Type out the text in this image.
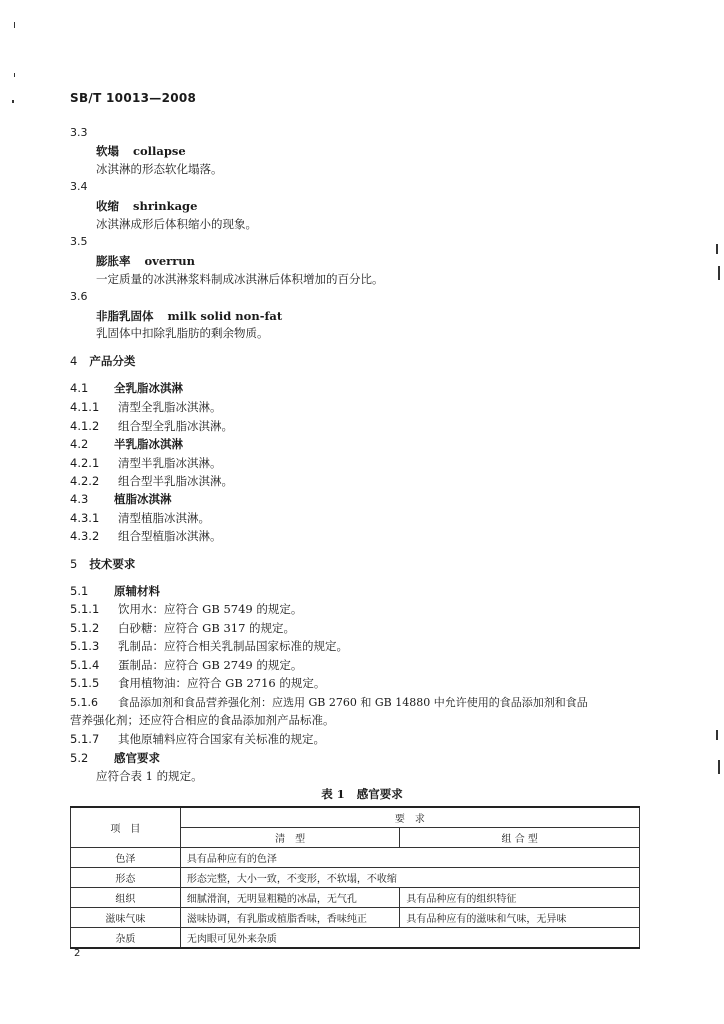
SB/T 10013—2008
3.3
软塌 collapse
冰淇淋的形态软化塌落。
3.4
收缩 shrinkage
冰淇淋成形后体积缩小的现象。
3.5
膨胀率 overrun
一定质量的冰淇淋浆料制成冰淇淋后体积增加的百分比。
3.6
非脂乳固体 milk solid non-fat
乳固体中扣除乳脂肪的剩余物质。
4 产品分类
4.1 全乳脂冰淇淋
4.1.1 清型全乳脂冰淇淋。
4.1.2 组合型全乳脂冰淇淋。
4.2 半乳脂冰淇淋
4.2.1 清型半乳脂冰淇淋。
4.2.2 组合型半乳脂冰淇淋。
4.3 植脂冰淇淋
4.3.1 清型植脂冰淇淋。
4.3.2 组合型植脂冰淇淋。
5 技术要求
5.1 原辅材料
5.1.1 饮用水：应符合 GB 5749 的规定。
5.1.2 白砂糖：应符合 GB 317 的规定。
5.1.3 乳制品：应符合相关乳制品国家标准的规定。
5.1.4 蛋制品：应符合 GB 2749 的规定。
5.1.5 食用植物油：应符合 GB 2716 的规定。
5.1.6 食品添加剂和食品营养强化剂：应选用 GB 2760 和 GB 14880 中允许使用的食品添加剂和食品
营养强化剂；还应符合相应的食品添加剂产品标准。
5.1.7 其他原辅料应符合国家有关标准的规定。
5.2 感官要求
应符合表 1 的规定。
表 1 感官要求
项　目	要　求	
	清　型	组 合 型
色泽	具有品种应有的色泽	
形态	形态完整，大小一致，不变形，不软塌，不收缩	
组织	细腻滑润，无明显粗糙的冰晶，无气孔	具有品种应有的组织特征
滋味气味	滋味协调，有乳脂或植脂香味，香味纯正	具有品种应有的滋味和气味，无异味
杂质	无肉眼可见外来杂质	
2
